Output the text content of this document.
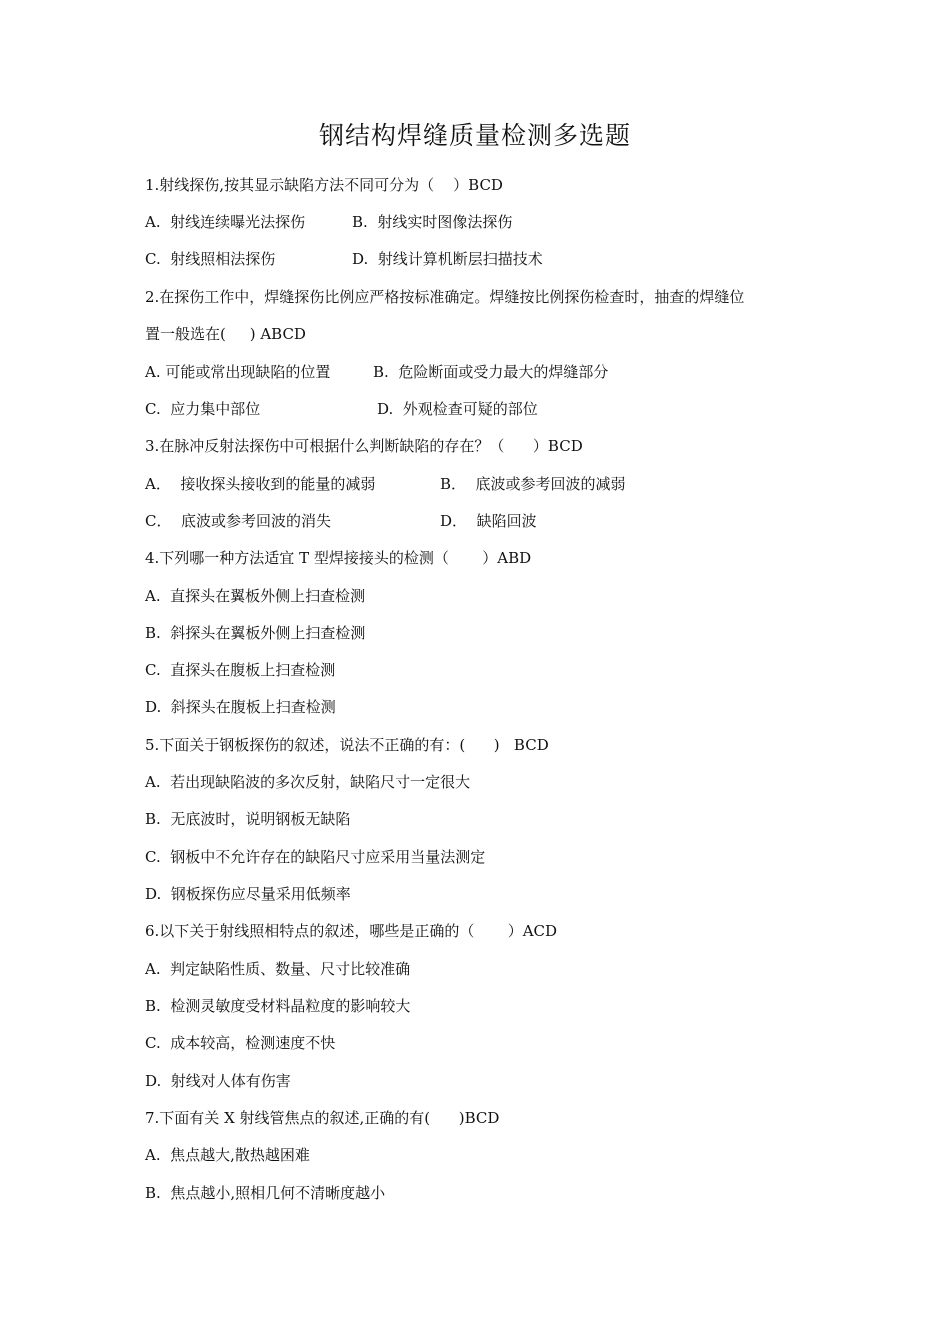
钢结构焊缝质量检测多选题
1.射线探伤,按其显示缺陷方法不同可分为（    ）BCD
A.  射线连续曝光法探伤	B.  射线实时图像法探伤
C.  射线照相法探伤	D.  射线计算机断层扫描技术
2.在探伤工作中，焊缝探伤比例应严格按标准确定。焊缝按比例探伤检查时，抽查的焊缝位
置一般选在(     ) ABCD
A. 可能或常出现缺陷的位置	B.  危险断面或受力最大的焊缝部分
C.  应力集中部位	D.  外观检查可疑的部位
3.在脉冲反射法探伤中可根据什么判断缺陷的存在？（      ）BCD
A．  接收探头接收到的能量的减弱	B．  底波或参考回波的减弱
C．  底波或参考回波的消失	D．  缺陷回波
4.下列哪一种方法适宜 T 型焊接接头的检测（       ）ABD
A.  直探头在翼板外侧上扫查检测
B.  斜探头在翼板外侧上扫查检测
C.  直探头在腹板上扫查检测
D.  斜探头在腹板上扫查检测
5.下面关于钢板探伤的叙述，说法不正确的有：(      )   BCD
A.  若出现缺陷波的多次反射，缺陷尺寸一定很大
B.  无底波时，说明钢板无缺陷
C.  钢板中不允许存在的缺陷尺寸应采用当量法测定
D.  钢板探伤应尽量采用低频率
6.以下关于射线照相特点的叙述，哪些是正确的（       ）ACD
A.  判定缺陷性质、数量、尺寸比较准确
B.  检测灵敏度受材料晶粒度的影响较大
C.  成本较高，检测速度不快
D.  射线对人体有伤害
7.下面有关 X 射线管焦点的叙述,正确的有(      )BCD
A.  焦点越大,散热越困难
B.  焦点越小,照相几何不清晰度越小
